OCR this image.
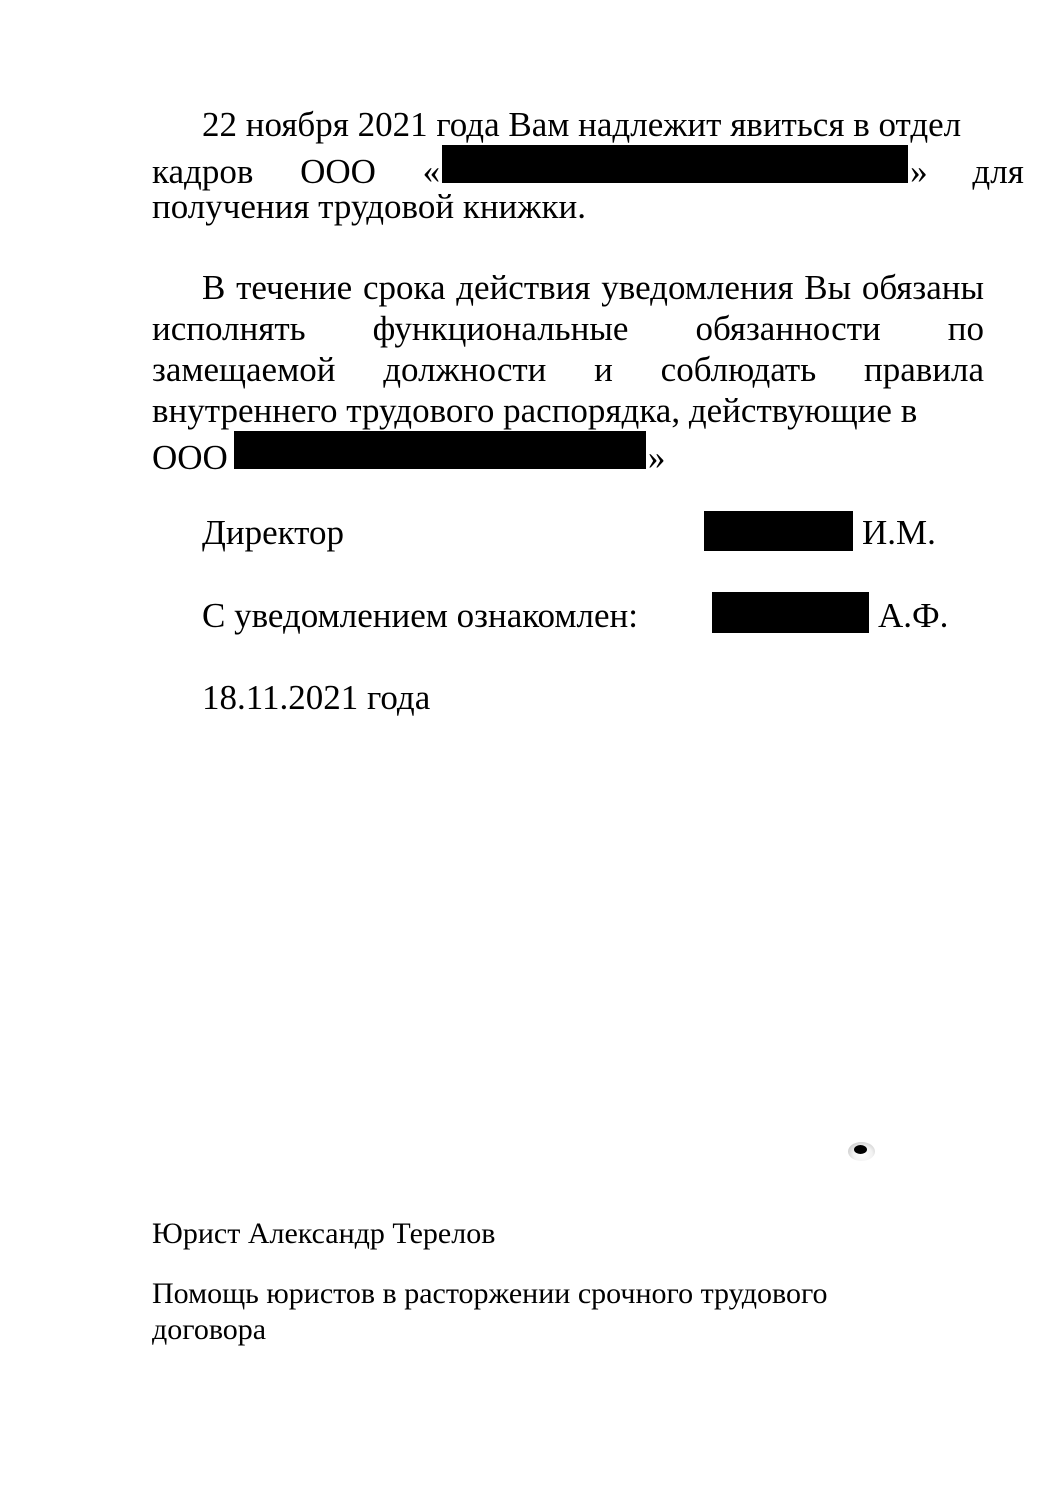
22 ноября 2021 года Вам надлежит явиться в отдел
кадров ООО «	» для
получения трудовой книжки.

В течение срока действия уведомления Вы обязаны исполнять функциональные обязанности по замещаемой должности и соблюдать правила внутреннего трудового распорядка, действующие в

ООО	»
Директор	И.М.
С уведомлением ознакомлен:	А.Ф.
18.11.2021 года
Юрист Александр Терелов
Помощь юристов в расторжении срочного трудового договора
